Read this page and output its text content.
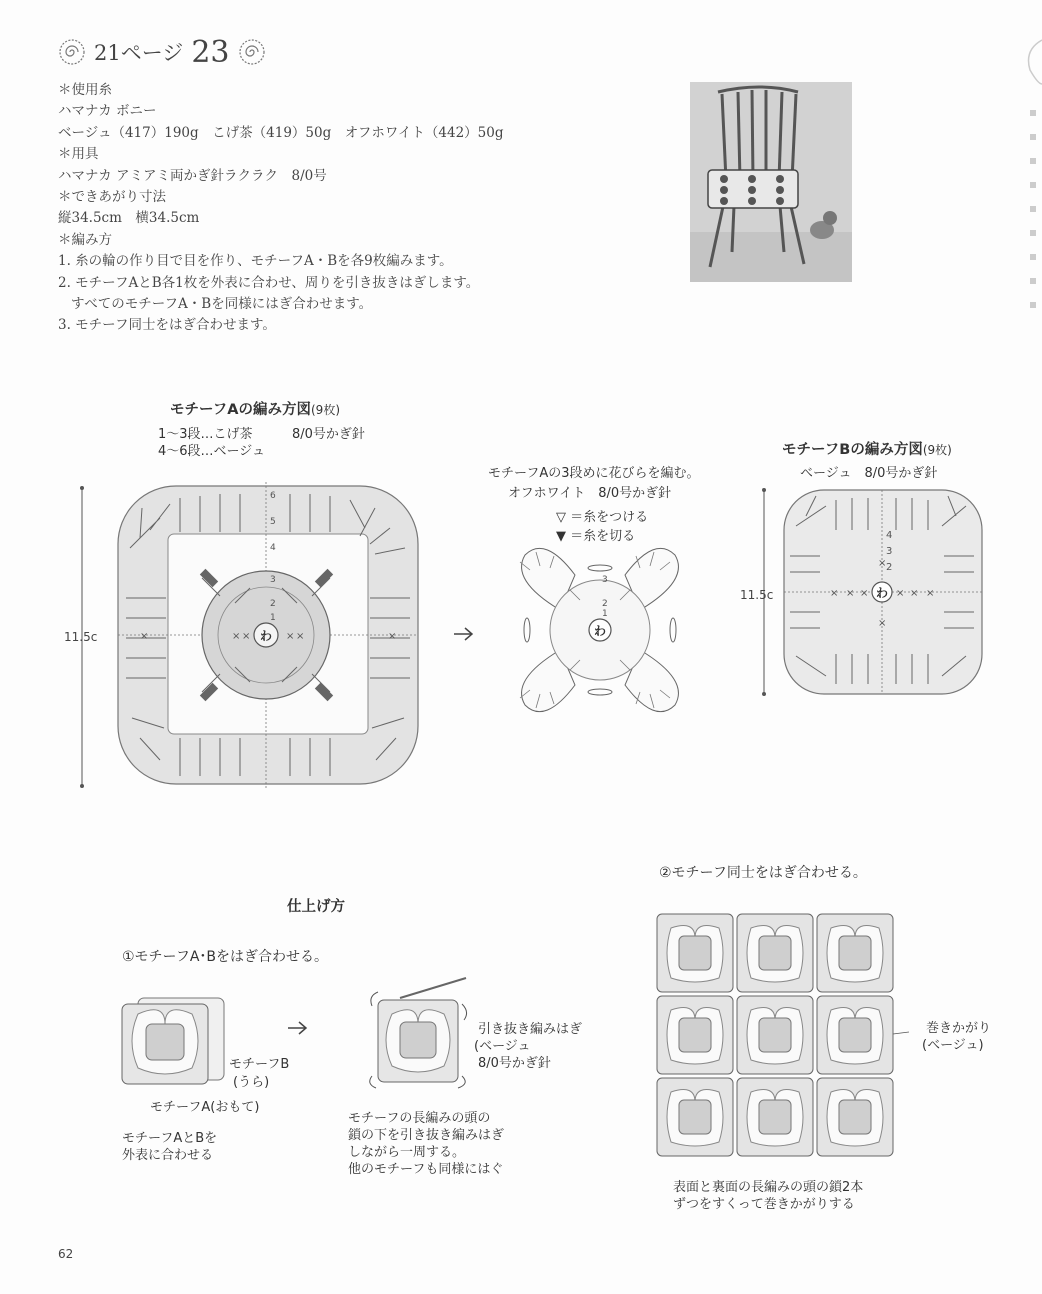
21ページ 23
＊使用糸
ハマナカ ボニー
ベージュ（417）190g　こげ茶（419）50g　オフホワイト（442）50g
＊用具
ハマナカ アミアミ両かぎ針ラクラク　8/0号
＊できあがり寸法
縦34.5cm　横34.5cm
＊編み方
1. 糸の輪の作り目で目を作り、モチーフA・Bを各9枚編みます。
2. モチーフAとB各1枚を外表に合わせ、周りを引き抜きはぎします。
すべてのモチーフA・Bを同様にはぎ合わせます。
3. モチーフ同士をはぎ合わせます。
モチーフAの編み方図(9枚)
1〜3段…こげ茶	8/0号かぎ針
4〜6段…ベージュ
わ
6
5
4
3
2
1
× ×	× ×
×	×
11.5c
モチーフAの3段めに花びらを編む。
オフホワイト　8/0号かぎ針
▽ ＝糸をつける
▼ ＝糸を切る
わ
3
2
1
モチーフBの編み方図(9枚)
ベージュ　8/0号かぎ針
× × ×	× × ×
×
×
4
3
2
わ
11.5c
仕上げ方
①モチーフA･Bをはぎ合わせる。
モチーフB
(うら)
モチーフA(おもて)
モチーフAとBを
外表に合わせる
引き抜き編みはぎ
(ベージュ
8/0号かぎ針
モチーフの長編みの頭の
鎖の下を引き抜き編みはぎ
しながら一周する。
他のモチーフも同様にはぐ
②モチーフ同士をはぎ合わせる。
巻きかがり
(ベージュ)
表面と裏面の長編みの頭の鎖2本
ずつをすくって巻きかがりする
62
